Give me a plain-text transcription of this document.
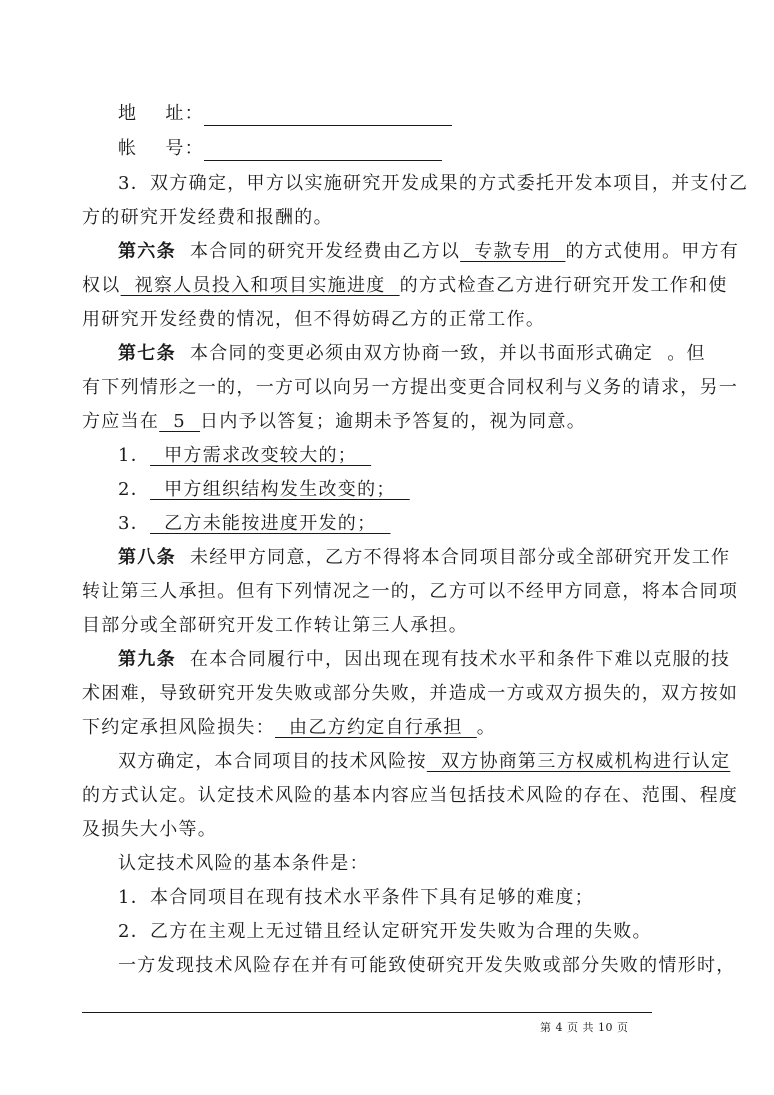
地    址：
帐    号：
3．双方确定，甲方以实施研究开发成果的方式委托开发本项目，并支付乙
方的研究开发经费和报酬的。
第六条  本合同的研究开发经费由乙方以  专款专用  的方式使用。甲方有
权以  视察人员投入和项目实施进度  的方式检查乙方进行研究开发工作和使
用研究开发经费的情况，但不得妨碍乙方的正常工作。
第七条  本合同的变更必须由双方协商一致，并以书面形式确定  。但
有下列情形之一的，一方可以向另一方提出变更合同权利与义务的请求，另一
方应当在  5  日内予以答复；逾期未予答复的，视为同意。
1．  甲方需求改变较大的；
2．  甲方组织结构发生改变的；
3．  乙方未能按进度开发的；
第八条  未经甲方同意，乙方不得将本合同项目部分或全部研究开发工作
转让第三人承担。但有下列情况之一的，乙方可以不经甲方同意，将本合同项
目部分或全部研究开发工作转让第三人承担。
第九条  在本合同履行中，因出现在现有技术水平和条件下难以克服的技
术困难，导致研究开发失败或部分失败，并造成一方或双方损失的，双方按如
下约定承担风险损失：  由乙方约定自行承担  。
双方确定，本合同项目的技术风险按  双方协商第三方权威机构进行认定
的方式认定。认定技术风险的基本内容应当包括技术风险的存在、范围、程度
及损失大小等。
认定技术风险的基本条件是：
1．本合同项目在现有技术水平条件下具有足够的难度；
2．乙方在主观上无过错且经认定研究开发失败为合理的失败。
一方发现技术风险存在并有可能致使研究开发失败或部分失败的情形时，
第 4 页 共 10 页
